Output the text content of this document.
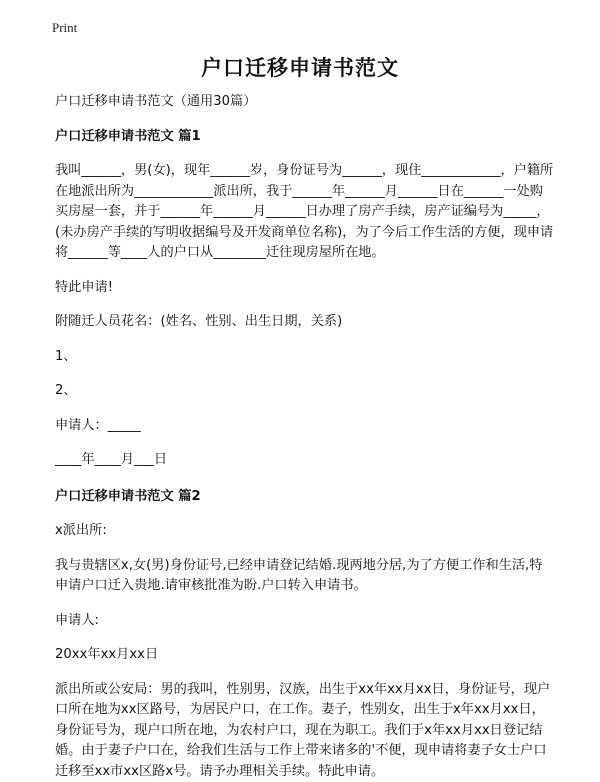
Print
户口迁移申请书范文

户口迁移申请书范文（通用30篇）

户口迁移申请书范文 篇1

我叫______，男(女)，现年______岁，身份证号为______，现住____________，户籍所在地派出所为____________派出所，我于______年______月______日在______一处购买房屋一套，并于______年______月______日办理了房产手续，房产证编号为_____，(未办房产手续的写明收据编号及开发商单位名称)，为了今后工作生活的方便，现申请将______等____人的户口从________迁往现房屋所在地。

特此申请!

附随迁人员花名：(姓名、性别、出生日期，关系)

1、

2、

申请人：_____

____年____月___日

户口迁移申请书范文 篇2

x派出所:

我与贵辖区x,女(男)身份证号,已经申请登记结婚.现两地分居,为了方便工作和生活,特申请户口迁入贵地.请审核批准为盼.户口转入申请书。

申请人:

20xx年xx月xx日

派出所或公安局：男的我叫，性别男，汉族，出生于xx年xx月xx日，身份证号，现户口所在地为xx区路号，为居民户口，在工作。妻子，性别女，出生于x年xx月xx日，身份证号为，现户口所在地，为农村户口，现在为职工。我们于x年xx月xx日登记结婚。由于妻子户口在，给我们生活与工作上带来诸多的'不便，现申请将妻子女士户口迁移至xx市xx区路x号。请予办理相关手续。特此申请。
